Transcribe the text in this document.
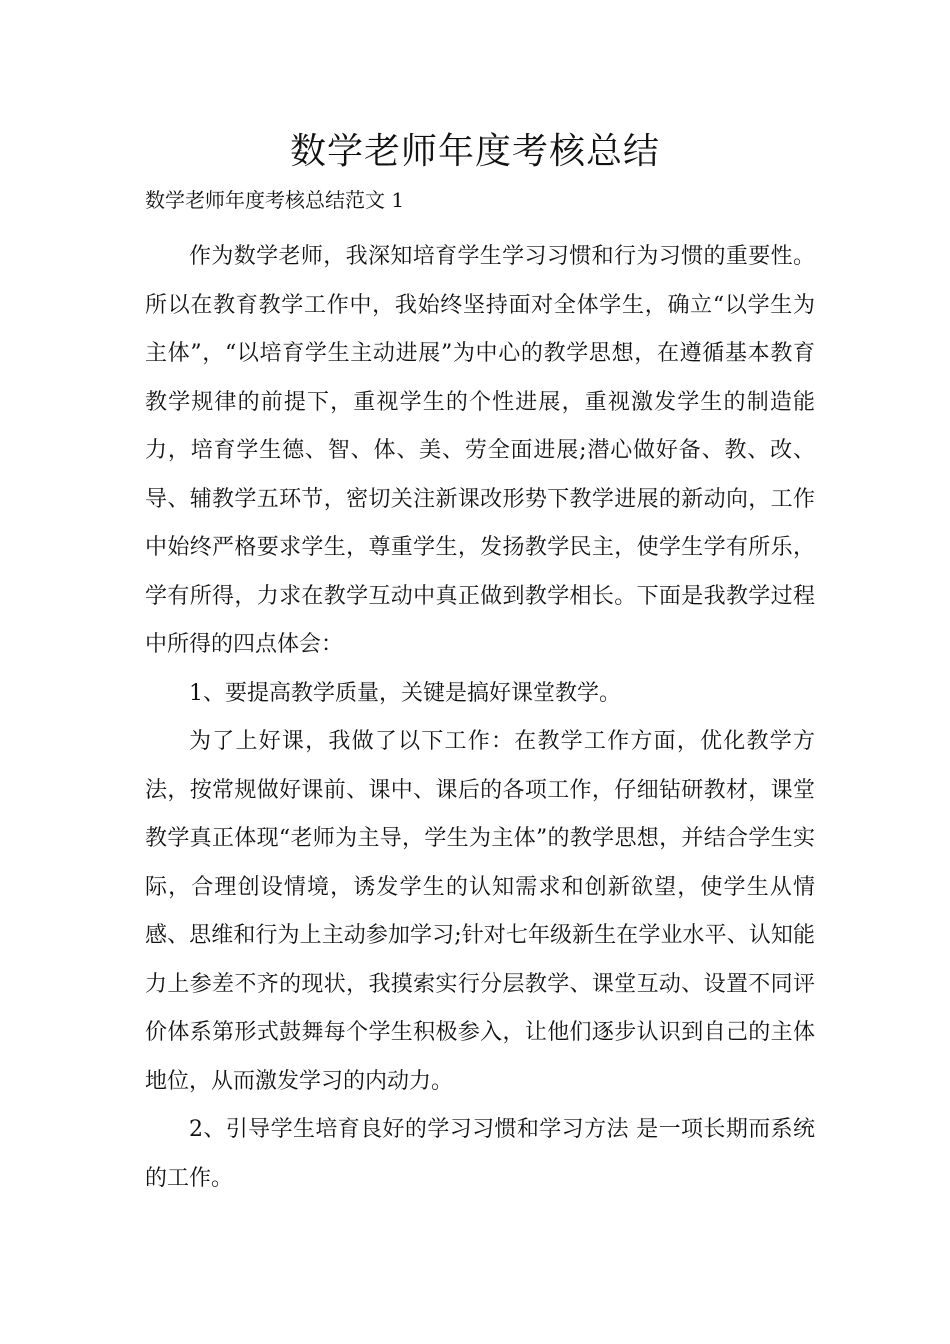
数学老师年度考核总结

数学老师年度考核总结范文 1

作为数学老师，我深知培育学生学习习惯和行为习惯的重要性。所以在教育教学工作中，我始终坚持面对全体学生，确立“以学生为主体”，“以培育学生主动进展”为中心的教学思想，在遵循基本教育教学规律的前提下，重视学生的个性进展，重视激发学生的制造能力，培育学生德、智、体、美、劳全面进展;潜心做好备、教、改、导、辅教学五环节，密切关注新课改形势下教学进展的新动向，工作中始终严格要求学生，尊重学生，发扬教学民主，使学生学有所乐，学有所得，力求在教学互动中真正做到教学相长。下面是我教学过程中所得的四点体会：

1、要提高教学质量，关键是搞好课堂教学。

为了上好课，我做了以下工作：在教学工作方面，优化教学方法，按常规做好课前、课中、课后的各项工作，仔细钻研教材，课堂教学真正体现“老师为主导，学生为主体”的教学思想，并结合学生实际，合理创设情境，诱发学生的认知需求和创新欲望，使学生从情感、思维和行为上主动参加学习;针对七年级新生在学业水平、认知能力上参差不齐的现状，我摸索实行分层教学、课堂互动、设置不同评价体系第形式鼓舞每个学生积极参入，让他们逐步认识到自己的主体地位，从而激发学习的内动力。

2、引导学生培育良好的学习习惯和学习方法 是一项长期而系统的工作。
